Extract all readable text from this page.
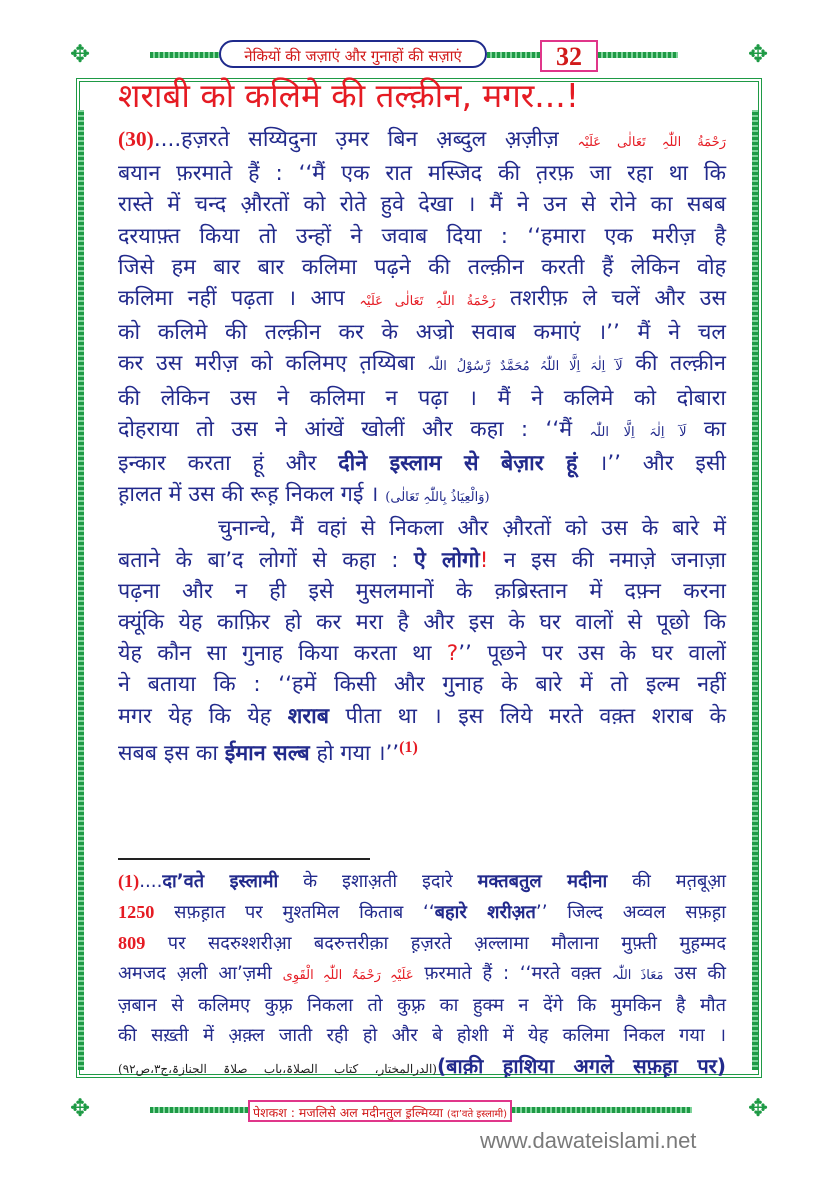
✥	✥
✥	✥
नेकियों की जज़ाएं और गुनाहों की सज़ाएं	32
शराबी को कलिमे की तल्क़ीन, मगर...!
(30)....हज़रते सय्यिदुना उ़मर बिन अ़ब्दुल अ़ज़ीज़ رَحْمَةُ اللّٰہِ تَعَالٰی عَلَیْہ
बयान फ़रमाते हैं : ‘‘मैं एक रात मस्जिद की त़रफ़ जा रहा था कि
रास्ते में चन्द औ़रतों को रोते हुवे देखा । मैं ने उन से रोने का सबब
दरयाफ़्त किया तो उन्हों ने जवाब दिया : ‘‘हमारा एक मरीज़ है
जिसे हम बार बार कलिमा पढ़ने की तल्क़ीन करती हैं लेकिन वोह
कलिमा नहीं पढ़ता । आप رَحْمَةُ اللّٰہِ تَعَالٰی عَلَیْہ तशरीफ़ ले चलें और उस
को कलिमे की तल्क़ीन कर के अज्रो सवाब कमाएं ।’’ मैं ने चल
कर उस मरीज़ को कलिमए त़य्यिबा لَآ اِلٰہَ اِلَّا اللّٰہُ مُحَمَّدٌ رَّسُوْلُ اللّٰہ की तल्क़ीन
की लेकिन उस ने कलिमा न पढ़ा । मैं ने कलिमे को दोबारा
दोहराया तो उस ने आंखें खोलीं और कहा : ‘‘मैं لَآ اِلٰہَ اِلَّا اللّٰہ का
इन्कार करता हूं और दीने इस्लाम से बेज़ार हूं ।’’ और इसी
ह़ालत में उस की रूह़ निकल गई । (وَالْعِیَاذُ بِاللّٰہِ تَعَالٰی)
चुनान्चे, मैं वहां से निकला और औ़रतों को उस के बारे में
बताने के बा’द लोगों से कहा : ऐ लोगो! न इस की नमाज़े जनाज़ा
पढ़ना और न ही इसे मुसलमानों के क़ब्रिस्तान में दफ़्न करना
क्यूंकि येह काफ़िर हो कर मरा है और इस के घर वालों से पूछो कि
येह कौन सा गुनाह किया करता था ?’’ पूछने पर उस के घर वालों
ने बताया कि : ‘‘हमें किसी और गुनाह के बारे में तो इल्म नहीं
मगर येह कि येह शराब पीता था । इस लिये मरते वक़्त शराब के
सबब इस का ईमान सल्ब हो गया ।’’$^{(1)}$
(1)....दा’वते इस्लामी के इशाअ़ती इदारे मक्तबतुल मदीना की मत़बूआ़
1250 सफ़ह़ात पर मुश्तमिल किताब ‘‘बहारे शरीअ़त’’ जिल्द अव्वल सफ़ह़ा
809 पर सदरुश्शरीआ़ बदरुत्तरीक़ा ह़ज़रते अ़ल्लामा मौलाना मुफ़्ती मुह़म्मद
अमजद अ़ली आ’ज़मी عَلَیْہِ رَحْمَۃُ اللّٰہِ الْقَوِی फ़रमाते हैं : ‘‘मरते वक़्त مَعَاذَ اللّٰہ उस की
ज़बान से कलिमए कुफ़्र निकला तो कुफ़्र का हुक्म न देंगे कि मुमकिन है मौत
की सख़्ती में अ़क़्ल जाती रही हो और बे होशी में येह कलिमा निकल गया ।
(الدرالمختار، کتاب الصلاۃ،باب صلاۃ الجنازۃ،ج۳،ص۹۲)(बाक़ी ह़ाशिया अगले सफ़ह़ा पर)
पेशकश : मजलिसे अल मदीनतुल इ़ल्मिय्या (दा’वते इस्लामी)
www.dawateislami.net
